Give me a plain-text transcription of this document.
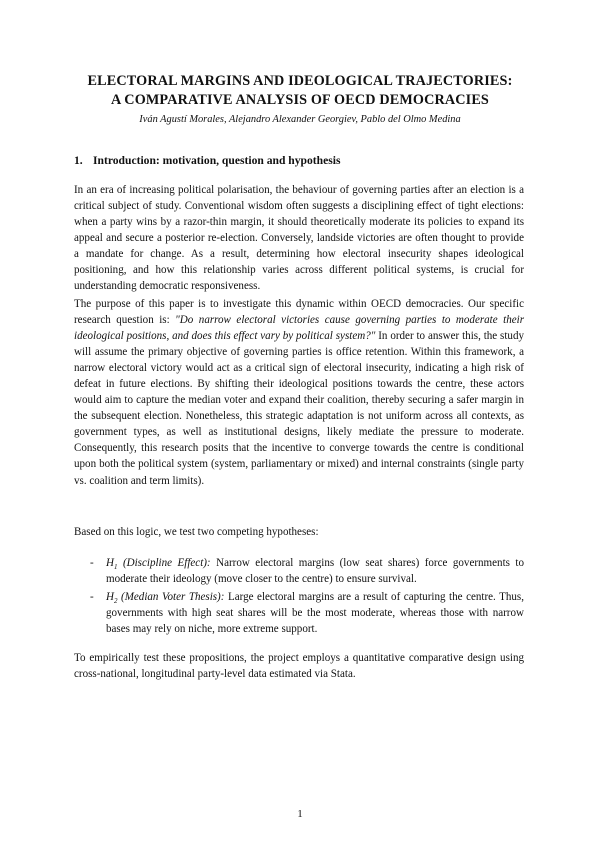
ELECTORAL MARGINS AND IDEOLOGICAL TRAJECTORIES:
A COMPARATIVE ANALYSIS OF OECD DEMOCRACIES
Iván Agustí Morales, Alejandro Alexander Georgiev, Pablo del Olmo Medina
1. Introduction: motivation, question and hypothesis

In an era of increasing political polarisation, the behaviour of governing parties after an election is a critical subject of study. Conventional wisdom often suggests a disciplining effect of tight elections: when a party wins by a razor-thin margin, it should theoretically moderate its policies to expand its appeal and secure a posterior re-election. Conversely, landside victories are often thought to provide a mandate for change. As a result, determining how electoral insecurity shapes ideological positioning, and how this relationship varies across different political systems, is crucial for understanding democratic responsiveness.

The purpose of this paper is to investigate this dynamic within OECD democracies. Our specific research question is: "Do narrow electoral victories cause governing parties to moderate their ideological positions, and does this effect vary by political system?" In order to answer this, the study will assume the primary objective of governing parties is office retention. Within this framework, a narrow electoral victory would act as a critical sign of electoral insecurity, indicating a high risk of defeat in future elections. By shifting their ideological positions towards the centre, these actors would aim to capture the median voter and expand their coalition, thereby securing a safer margin in the subsequent election. Nonetheless, this strategic adaptation is not uniform across all contexts, as government types, as well as institutional designs, likely mediate the pressure to moderate. Consequently, this research posits that the incentive to converge towards the centre is conditional upon both the political system (system, parliamentary or mixed) and internal constraints (single party vs. coalition and term limits).

Based on this logic, we test two competing hypotheses:

- $H_1$ (Discipline Effect): Narrow electoral margins (low seat shares) force governments to moderate their ideology (move closer to the centre) to ensure survival.
- $H_2$ (Median Voter Thesis): Large electoral margins are a result of capturing the centre. Thus, governments with high seat shares will be the most moderate, whereas those with narrow bases may rely on niche, more extreme support.

To empirically test these propositions, the project employs a quantitative comparative design using cross-national, longitudinal party-level data estimated via Stata.

1
